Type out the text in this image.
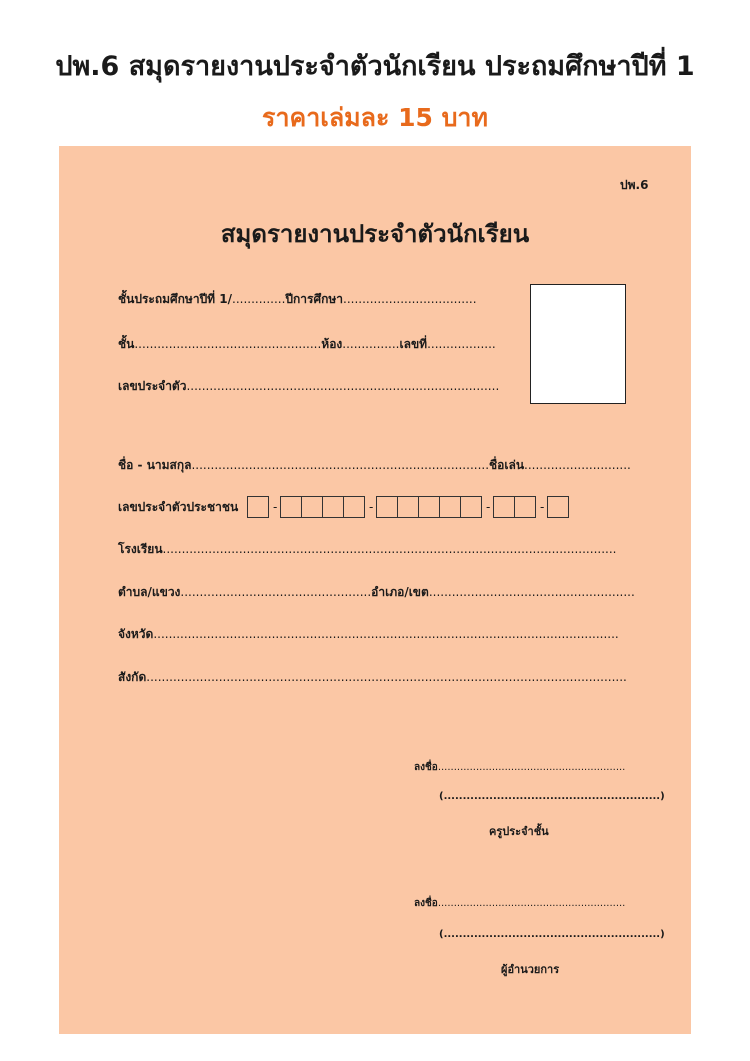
ปพ.6 สมุดรายงานประจำตัวนักเรียน ประถมศึกษาปีที่ 1
ราคาเล่มละ 15 บาท
ปพ.6
สมุดรายงานประจำตัวนักเรียน
ชั้นประถมศึกษาปีที่ 1/..............ปีการศึกษา...................................
ชั้น.................................................ห้อง...............เลขที่..................
เลขประจำตัว..................................................................................
ชื่อ - นามสกุล..............................................................................ชื่อเล่น............................
เลขประจำตัวประชาชน	-	-	-	-
โรงเรียน.......................................................................................................................
ตำบล/แขวง..................................................อำเภอ/เขต......................................................
จังหวัด..........................................................................................................................
สังกัด..............................................................................................................................
ลงชื่อ...........................................................
(.........................................................)
ครูประจำชั้น
ลงชื่อ...........................................................
(.........................................................)
ผู้อำนวยการ
